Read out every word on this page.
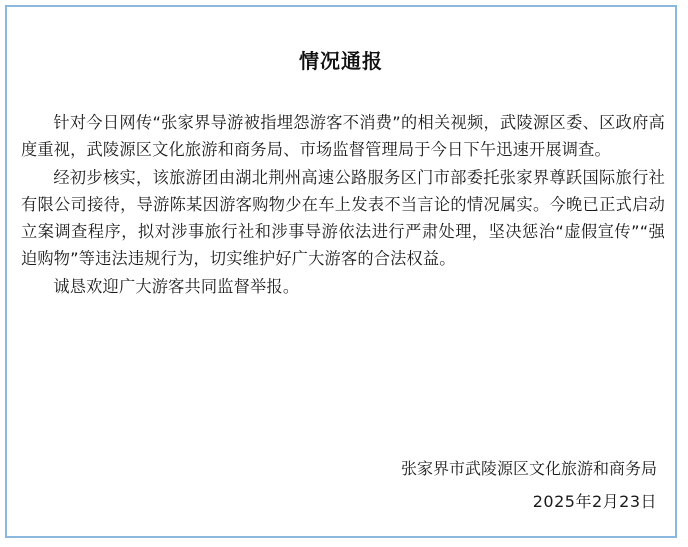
情况通报

针对今日网传“张家界导游被指埋怨游客不消费”的相关视频，武陵源区委、区政府高度重视，武陵源区文化旅游和商务局、市场监督管理局于今日下午迅速开展调查。

经初步核实，该旅游团由湖北荆州高速公路服务区门市部委托张家界尊跃国际旅行社有限公司接待，导游陈某因游客购物少在车上发表不当言论的情况属实。今晚已正式启动立案调查程序，拟对涉事旅行社和涉事导游依法进行严肃处理，坚决惩治“虚假宣传”“强迫购物”等违法违规行为，切实维护好广大游客的合法权益。

诚恳欢迎广大游客共同监督举报。

张家界市武陵源区文化旅游和商务局
2025年2月23日
